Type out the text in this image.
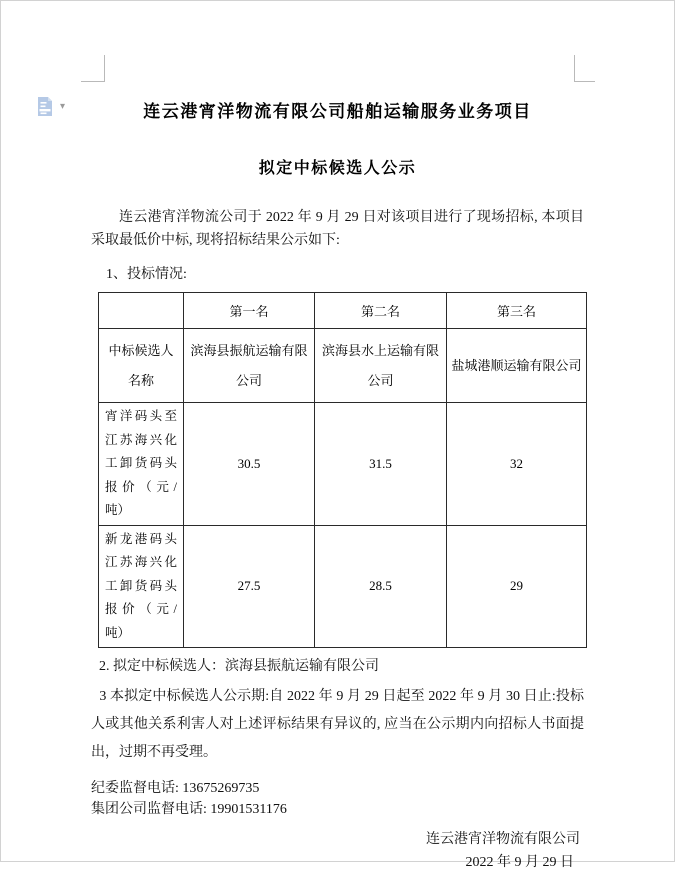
▾	连云港宵洋物流有限公司船舶运输服务业务项目
拟定中标候选人公示

连云港宵洋物流公司于 2022 年 9 月 29 日对该项目进行了现场招标, 本项目采取最低价中标, 现将招标结果公示如下:

1、投标情况:

	第一名	第二名	第三名
中标候选人名称	滨海县振航运输有限公司	滨海县水上运输有限公司	盐城港顺运输有限公司
宵洋码头至江苏海兴化工卸货码头报价（元/吨）	30.5	31.5	32
新龙港码头江苏海兴化工卸货码头报价（元/吨）	27.5	28.5	29

2. 拟定中标候选人：滨海县振航运输有限公司

3 本拟定中标候选人公示期:自 2022 年 9 月 29 日起至 2022 年 9 月 30 日止:投标人或其他关系利害人对上述评标结果有异议的, 应当在公示期内向招标人书面提出，过期不再受理。

纪委监督电话: 13675269735

集团公司监督电话: 19901531176

连云港宵洋物流有限公司

2022 年 9 月 29 日
